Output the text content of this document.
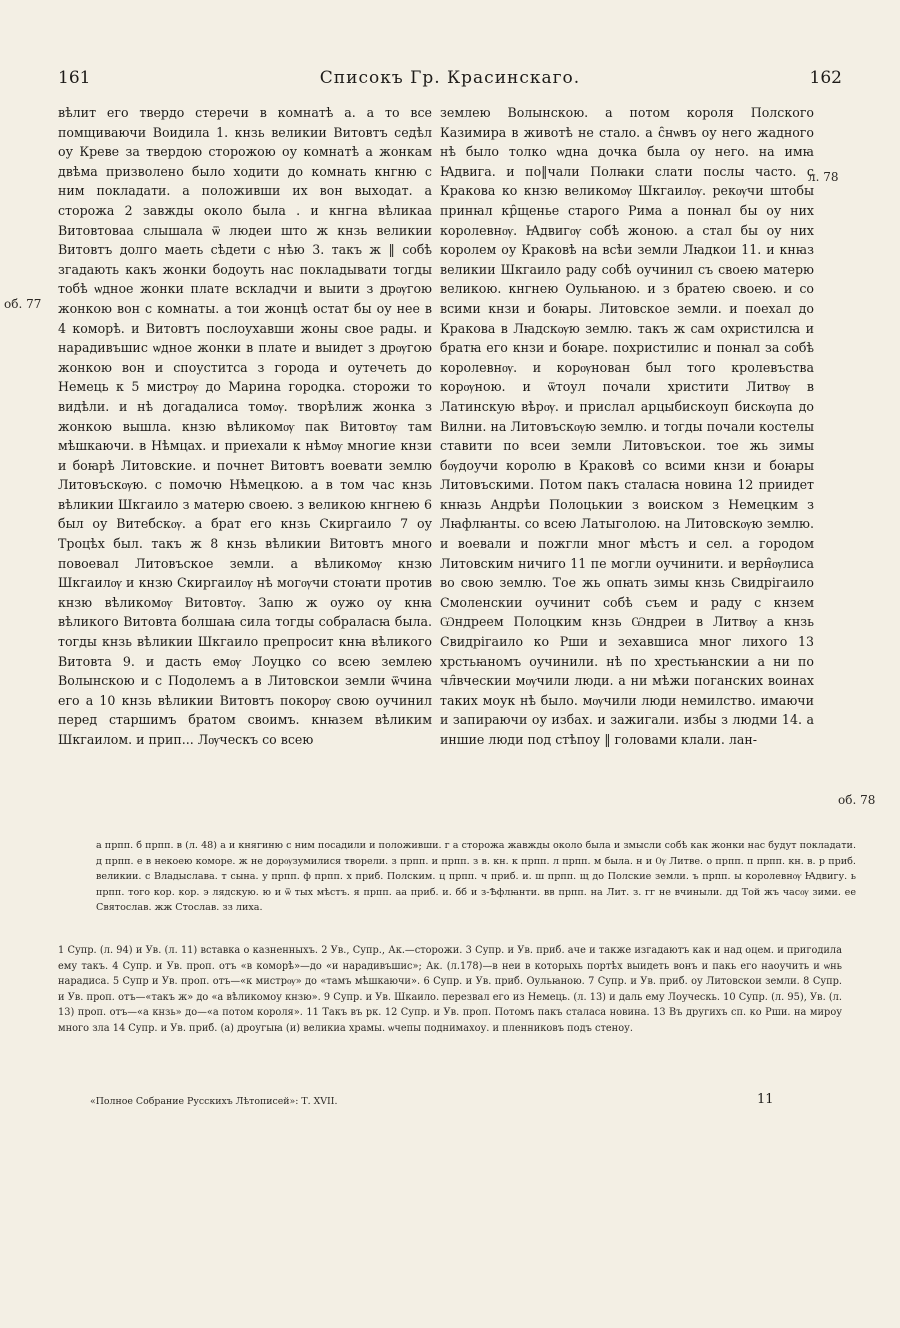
161	Списокъ Гр. Красинскаго.	162
об. 77
л. 78
об. 78

вѣлит его твердо стеречи в комнатѣ а. а то все помщиваючи Воидила 1. кнзь великии Витовтъ седѣл оу Креве за твердою сторожою оу комнатѣ а жонкам двѣма призволено было ходити до комнать кнгню с ним покладати. а положивши их вон выходат. а сторожа 2 завжды около была . и кнгна вѣликаа Витовтоваа слышала ѿ людеи што ж кнзь великии Витовтъ долго маеть сѣдети с нѣю 3. такъ ж ‖ собѣ згадають какъ жонки бодоуть нас покладывати тогды тобѣ ѡдное жонки плате вскладчи и выити з дрѹгою жонкою вон с комнаты. а тои жонцѣ остат бы оу нее в 4 коморѣ. и Витовтъ послоухавши жоны свое рады. и нарадивъшис ѡдное жонки в плате и выидет з дрѹгою жонкою вон и споуститса з города и оутечеть до Немець к 5 мистрѹ до Марина городка. сторожи то видѣли. и нѣ догадалиса томѹ. творѣлиж жонка з жонкою вышла. кнзю вѣликомѹ пак Витовтѹ там мѣшкаючи. в Нѣмцах. и приехали к нѣмѹ многие кнзи и боꙗрѣ Литовские. и почнет Витовтъ воевати землю Литовъскѹю. с помочю Нѣмецкою. а в том час кнзь вѣликии Шкгаило з матерю своею. з великою кнгнею 6 был оу Витебскѹ. а брат его кнзь Скиргаило 7 оу Троцѣх был. такъ ж 8 кнзь вѣликии Витовтъ много повоевал Литовъское земли. а вѣликомѹ кнзю Шкгаилѹ и кнзю Скиргаилѹ нѣ могѹчи стоꙗти против кнзю вѣликомѹ Витовтѹ. Запю ж оужо оу кнꙗ вѣликого Витовта болшаꙗ сила тогды собраласꙗ была. тогды кнзь вѣликии Шкгаило препросит кнꙗ вѣликого Витовта 9. и дасть емѹ Лоуцко со всею землею Волынскою и с Подолемъ а в Литовскои земли ѿчина его а 10 кнзь вѣликии Витовтъ покорѹ свою оучинил перед старшимъ братом своимъ. кнꙗзем вѣликим Шкгаилом. и прип... Лѹческъ со всею

землею Волынскою. а потом короля Полского Казимира в животѣ не стало. а с̑нѡвъ оу него жадного нѣ было толко ѡдна дочка была оу него. на имꙗ Ꙗдвига. и по‖чали Полꙗки слати послы часто. с Кракова ко кнзю великомѹ Шкгаилѹ. рекѹчи штобы принꙗл кр̑щенье старого Рима а понꙗл бы оу них королевнѹ. Ꙗдвигѹ собѣ жоною. а стал бы оу них королем оу Краковѣ на всѣи земли Лꙗдкои 11. и кнꙗз великии Шкгаило раду собѣ оучинил съ своею матерю великою. кнгнею Оульꙗною. и з братею своею. и со всими кнзи и боꙗры. Литовское земли. и поехал до Кракова в Лꙗдскѹю землю. такъ ж сам охристилсꙗ и братꙗ его кнзи и боꙗре. похристилис и понꙗл за собѣ королевнѹ. и корѹнован был того кролевъства корѹною. и ѿтоул почали христити Литвѹ в Латинскую вѣрѹ. и прислал арцыбискоуп бискѹпа до Вилни. на Литовъскѹю землю. и тогды почали костелы ставити по всеи земли Литовъскои. тое жь зимы бѹдоучи королю в Краковѣ со всими кнзи и боꙗры Литовъскими. Потом пакъ сталасꙗ новина 12 приидет кнꙗзь Андрѣи Полоцькии з воиском з Немецким з Лꙗфлꙗнты. со всею Латыголою. на Литовскѹю землю. и воевали и пожгли мног мѣстъ и сел. а городом Литовским ничиго 11 пе могли оучинити. и верн̑ѹлиса во свою землю. Тое жь опꙗть зимы кнзь Свидрігаило Смоленскии оучинит собѣ съем и раду с кнзем Ѡндреем Полоцким кнзь Ѡндреи в Литвѹ а кнзь Свидрігаило ко Рши и зехавшиса мног лихого 13 хрстьꙗномъ оучинили. нѣ по хрестьꙗнскии а ни по чл̑вческии мѹчили люди. а ни мѣжи поганских воинах таких моук нѣ было. мѹчили люди немилство. имаючи и запираючи оу избах. и зажигали. избы з людми 14. а иншие люди под стѣпоу ‖ головами клали. лан-

а прпп. б прпп. в (л. 48) а и княгиню с ним посадили и положивши. г а сторожа жавжды около была и змысли собѣ как жонки нас будут покладати. д прпп. е в некоею коморе. ж не дорѹзумилися творели. з прпп. и прпп. з в. кн. к прпп. л прпп. м была. н и Ѹ Литве. о прпп. п прпп. кн. в. р приб. великии. с Владыслава. т сына. у прпп. ф прпп. х приб. Полским. ц прпп. ч приб. и. ш прпп. щ до Полские земли. ъ прпп. ы королевнѹ Ꙗдвигу. ь прпп. того кор. кор. э лядскую. ю и ѿ тых мѣстъ. я прпп. аа приб. и. бб и з-Ѣфлꙗнти. вв прпп. на Лит. з. гг не вчиныли. дд Той жъ часѹ зими. ее Святослав. жж Стослав. зз лиха.

1 Супр. (л. 94) и Ув. (л. 11) вставка о казненныхъ. 2 Ув., Супр., Ак.—сторожи. 3 Супр. и Ув. приб. аче и также изгадаютъ как и над оцем. и пригодила ему такъ. 4 Супр. и Ув. проп. отъ «в коморѣ»—до «и нарадивъшис»; Ак. (л.178)—в неи в которыхь портѣх выидеть вонъ и пакь его наоучить и ѡнь нарадиса. 5 Супр и Ув. проп. отъ—«к мистрѹ» до «тамъ мѣшкаючи». 6 Супр. и Ув. приб. Оульꙗною. 7 Супр. и Ув. приб. оу Литовскои земли. 8 Супр. и Ув. проп. отъ—«такъ ж» до «а вѣликомоу кнзю». 9 Супр. и Ув. Шкаило. перезвал его из Немець. (л. 13) и даль ему Лоуческь. 10 Супр. (л. 95), Ув. (л. 13) проп. отъ—«а кнзь» до—«а потом короля». 11 Такъ въ рк. 12 Супр. и Ув. проп. Потомъ пакъ сталаса новина. 13 Въ другихъ сп. ко Рши. на мироу много зла 14 Супр. и Ув. приб. (а) дроугыꙗ (и) великиа храмы. ѡчепы поднимахоу. и пленниковъ подъ стеноу.

«Полное Собрание Русскихъ Лѣтописей»: Т. XVII.	11
